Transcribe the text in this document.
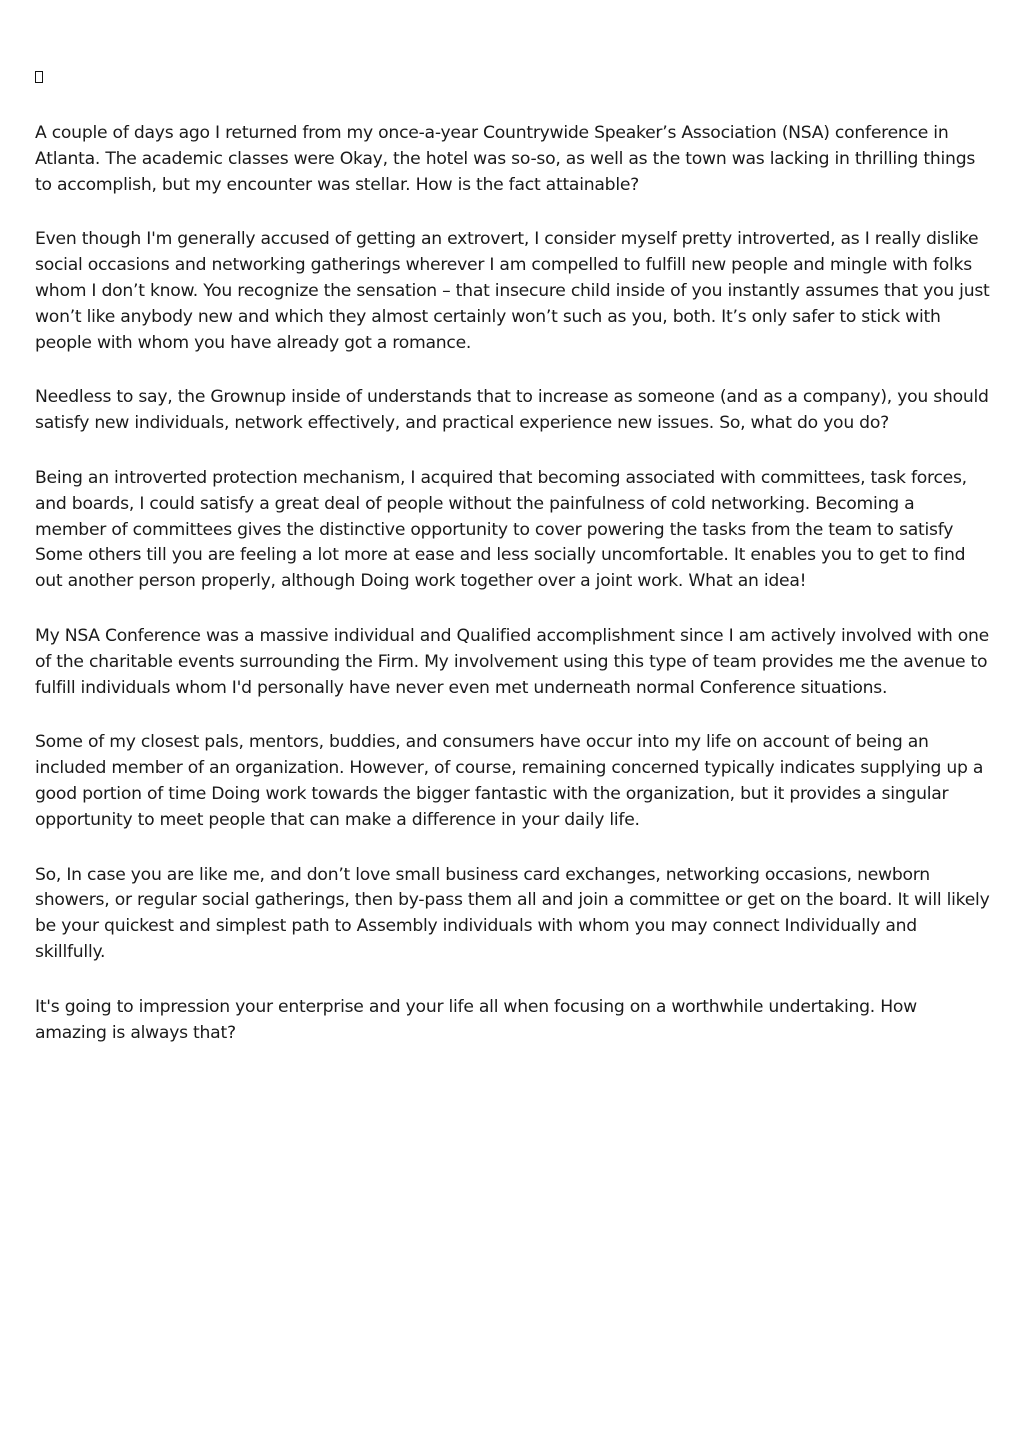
A couple of days ago I returned from my once-a-year Countrywide Speaker’s Association (NSA) conference in Atlanta. The academic classes were Okay, the hotel was so-so, as well as the town was lacking in thrilling things to accomplish, but my encounter was stellar. How is the fact attainable?

Even though I'm generally accused of getting an extrovert, I consider myself pretty introverted, as I really dislike social occasions and networking gatherings wherever I am compelled to fulfill new people and mingle with folks whom I don’t know. You recognize the sensation – that insecure child inside of you instantly assumes that you just won’t like anybody new and which they almost certainly won’t such as you, both. It’s only safer to stick with people with whom you have already got a romance.

Needless to say, the Grownup inside of understands that to increase as someone (and as a company), you should satisfy new individuals, network effectively, and practical experience new issues. So, what do you do?

Being an introverted protection mechanism, I acquired that becoming associated with committees, task forces, and boards, I could satisfy a great deal of people without the painfulness of cold networking. Becoming a member of committees gives the distinctive opportunity to cover powering the tasks from the team to satisfy Some others till you are feeling a lot more at ease and less socially uncomfortable. It enables you to get to find out another person properly, although Doing work together over a joint work. What an idea!

My NSA Conference was a massive individual and Qualified accomplishment since I am actively involved with one of the charitable events surrounding the Firm. My involvement using this type of team provides me the avenue to fulfill individuals whom I'd personally have never even met underneath normal Conference situations.

Some of my closest pals, mentors, buddies, and consumers have occur into my life on account of being an included member of an organization. However, of course, remaining concerned typically indicates supplying up a good portion of time Doing work towards the bigger fantastic with the organization, but it provides a singular opportunity to meet people that can make a difference in your daily life.

So, In case you are like me, and don’t love small business card exchanges, networking occasions, newborn showers, or regular social gatherings, then by-pass them all and join a committee or get on the board. It will likely be your quickest and simplest path to Assembly individuals with whom you may connect Individually and skillfully.

It's going to impression your enterprise and your life all when focusing on a worthwhile undertaking. How amazing is always that?
